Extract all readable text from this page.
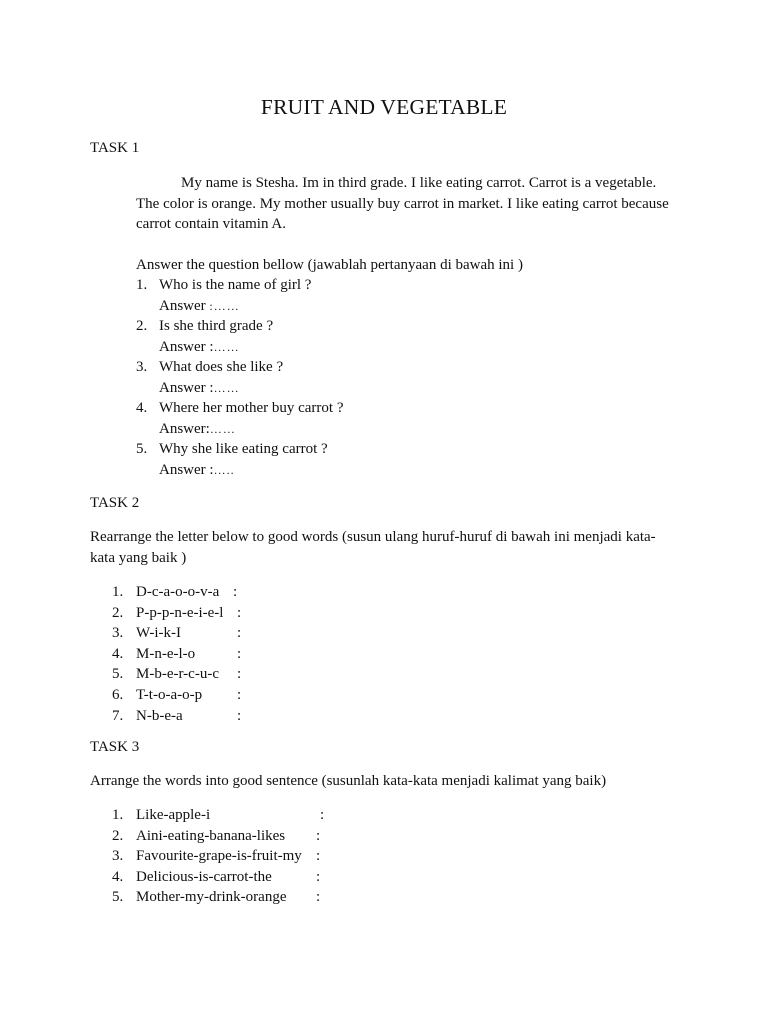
FRUIT AND VEGETABLE
TASK 1
My name is Stesha. Im in third grade. I like eating carrot. Carrot is a vegetable.
The color is orange. My mother usually buy carrot in market. I like eating carrot because
carrot contain vitamin A.
Answer the question bellow (jawablah pertanyaan di bawah ini )
1. Who is the name of girl ?
Answer :……
2. Is she third grade ?
Answer :……
3. What does she like ?
Answer :……
4. Where her mother buy carrot ?
Answer:……
5. Why she like eating carrot ?
Answer :…..
TASK 2
Rearrange the letter below to good words (susun ulang huruf-huruf di bawah ini menjadi kata-
kata yang baik )
1. D-c-a-o-o-v-a :
2. P-p-p-n-e-i-e-l :
3. W-i-k-I	:
4. M-n-e-l-o	:
5. M-b-e-r-c-u-c :
6. T-t-o-a-o-p :
7. N-b-e-a	:
TASK 3
Arrange the words into good sentence (susunlah kata-kata menjadi kalimat yang baik)
1. Like-apple-i	:
2. Aini-eating-banana-likes :
3. Favourite-grape-is-fruit-my :
4. Delicious-is-carrot-the	:
5. Mother-my-drink-orange :
